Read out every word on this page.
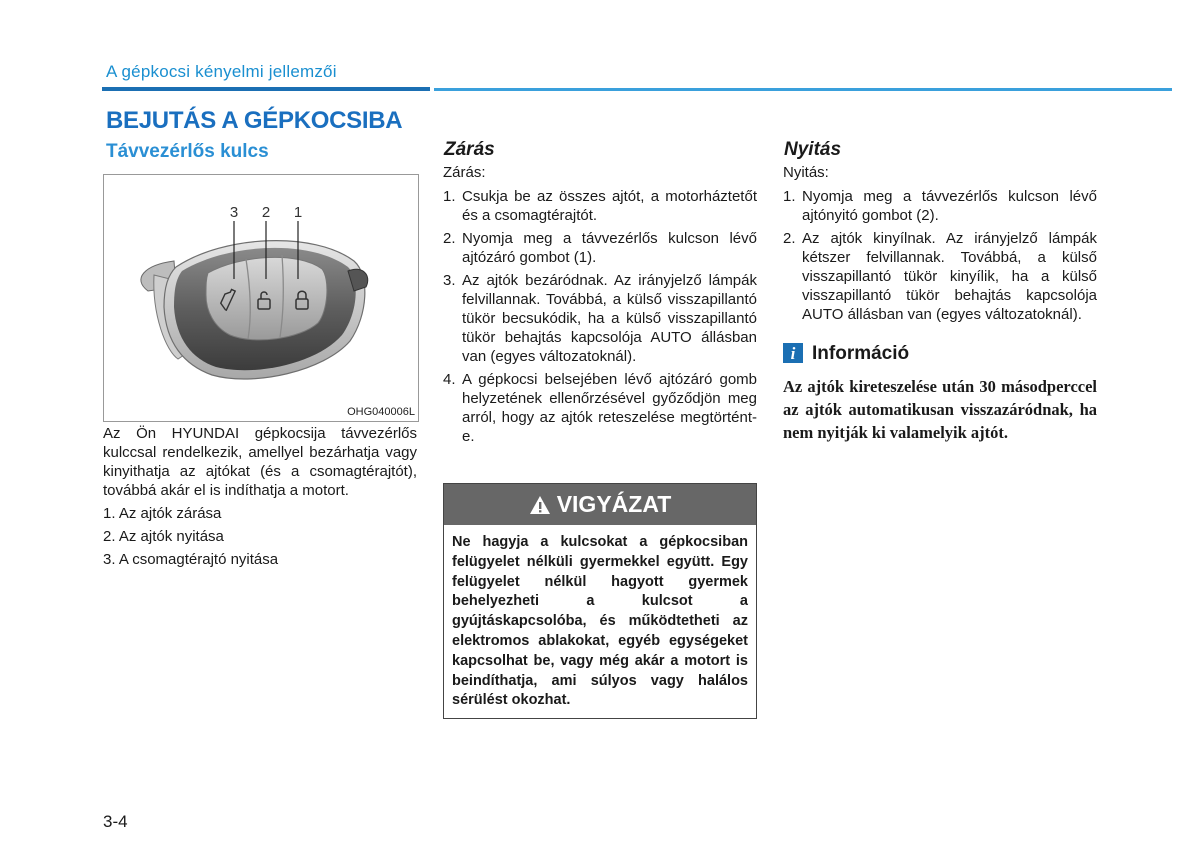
A gépkocsi kényelmi jellemzői
BEJUTÁS A GÉPKOCSIBA
Távvezérlős kulcs
3 2 1
OHG040006L

Az Ön HYUNDAI gépkocsija távvezérlős kulccsal rendelkezik, amellyel bezárhatja vagy kinyithatja az ajtókat (és a csomagtérajtót), továbbá akár el is indíthatja a motort.

1. Az ajtók zárása
2. Az ajtók nyitása
3. A csomagtérajtó nyitása
Zárás
Zárás:
1. Csukja be az összes ajtót, a motorháztetőt és a csomagtérajtót.
2. Nyomja meg a távvezérlős kulcson lévő ajtózáró gombot (1).
3. Az ajtók bezáródnak. Az irányjelző lámpák felvillannak. Továbbá, a külső visszapillantó tükör becsukódik, ha a külső visszapillantó tükör behajtás kapcsolója AUTO állásban van (egyes változatoknál).
4. A gépkocsi belsejében lévő ajtózáró gomb helyzetének ellenőrzésével győződjön meg arról, hogy az ajtók reteszelése megtörtént-e.
VIGYÁZAT
Ne hagyja a kulcsokat a gépkocsiban felügyelet nélküli gyermekkel együtt. Egy felügyelet nélkül hagyott gyermek behelyezheti a kulcsot a gyújtáskapcsolóba, és működtetheti az elektromos ablakokat, egyéb egységeket kapcsolhat be, vagy még akár a motort is beindíthatja, ami súlyos vagy halálos sérülést okozhat.
Nyitás
Nyitás:
1. Nyomja meg a távvezérlős kulcson lévő ajtónyitó gombot (2).
2. Az ajtók kinyílnak. Az irányjelző lámpák kétszer felvillannak. Továbbá, a külső visszapillantó tükör kinyílik, ha a külső visszapillantó tükör behajtás kapcsolója AUTO állásban van (egyes változatoknál).
i Információ
Az ajtók kireteszelése után 30 másodperccel az ajtók automatikusan visszazáródnak, ha nem nyitják ki valamelyik ajtót.
3-4
